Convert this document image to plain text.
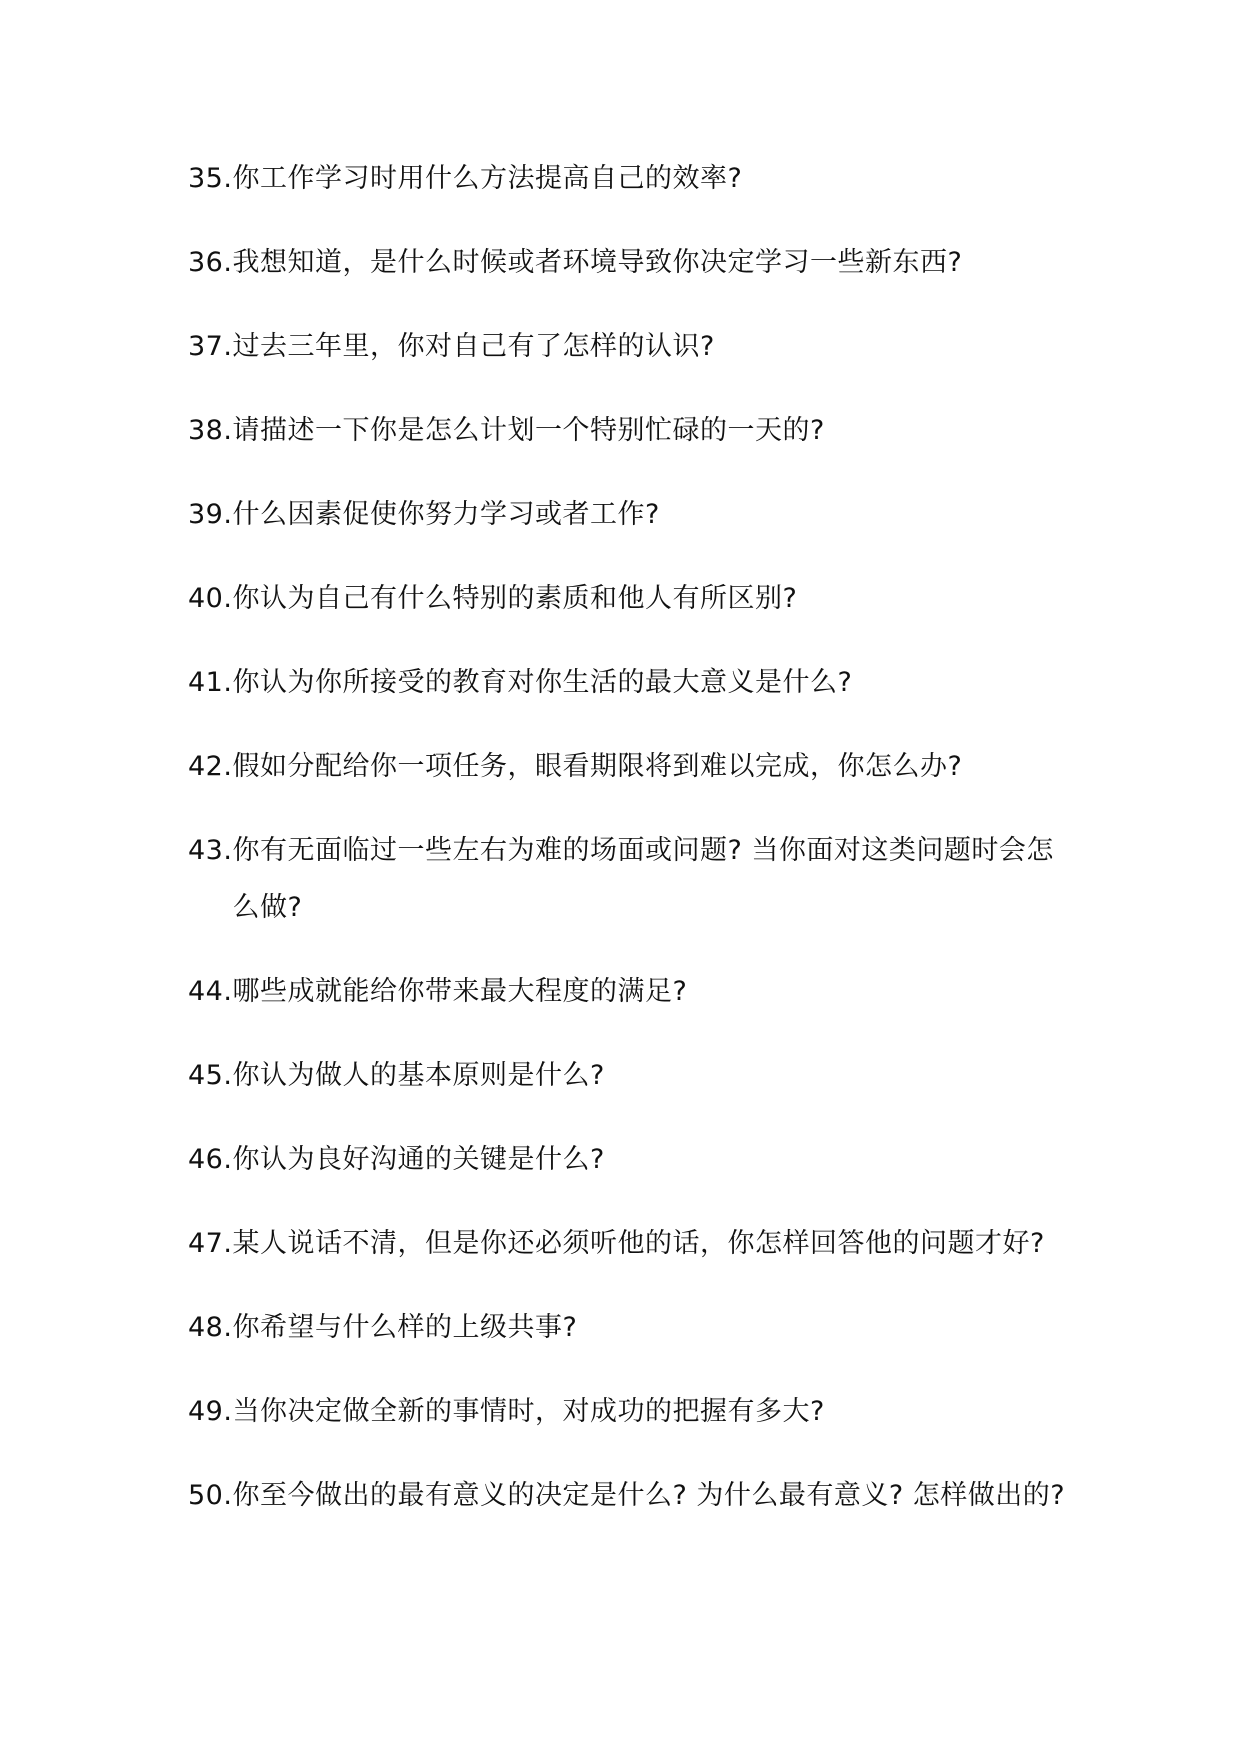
35. 你工作学习时用什么方法提高自己的效率?
36. 我想知道，是什么时候或者环境导致你决定学习一些新东西?
37. 过去三年里，你对自己有了怎样的认识?
38. 请描述一下你是怎么计划一个特别忙碌的一天的?
39. 什么因素促使你努力学习或者工作?
40. 你认为自己有什么特别的素质和他人有所区别?
41. 你认为你所接受的教育对你生活的最大意义是什么?
42. 假如分配给你一项任务，眼看期限将到难以完成，你怎么办?
43. 你有无面临过一些左右为难的场面或问题? 当你面对这类问题时会怎么做?
44. 哪些成就能给你带来最大程度的满足?
45. 你认为做人的基本原则是什么?
46. 你认为良好沟通的关键是什么?
47. 某人说话不清，但是你还必须听他的话，你怎样回答他的问题才好?
48. 你希望与什么样的上级共事?
49. 当你决定做全新的事情时，对成功的把握有多大?
50. 你至今做出的最有意义的决定是什么? 为什么最有意义? 怎样做出的?
